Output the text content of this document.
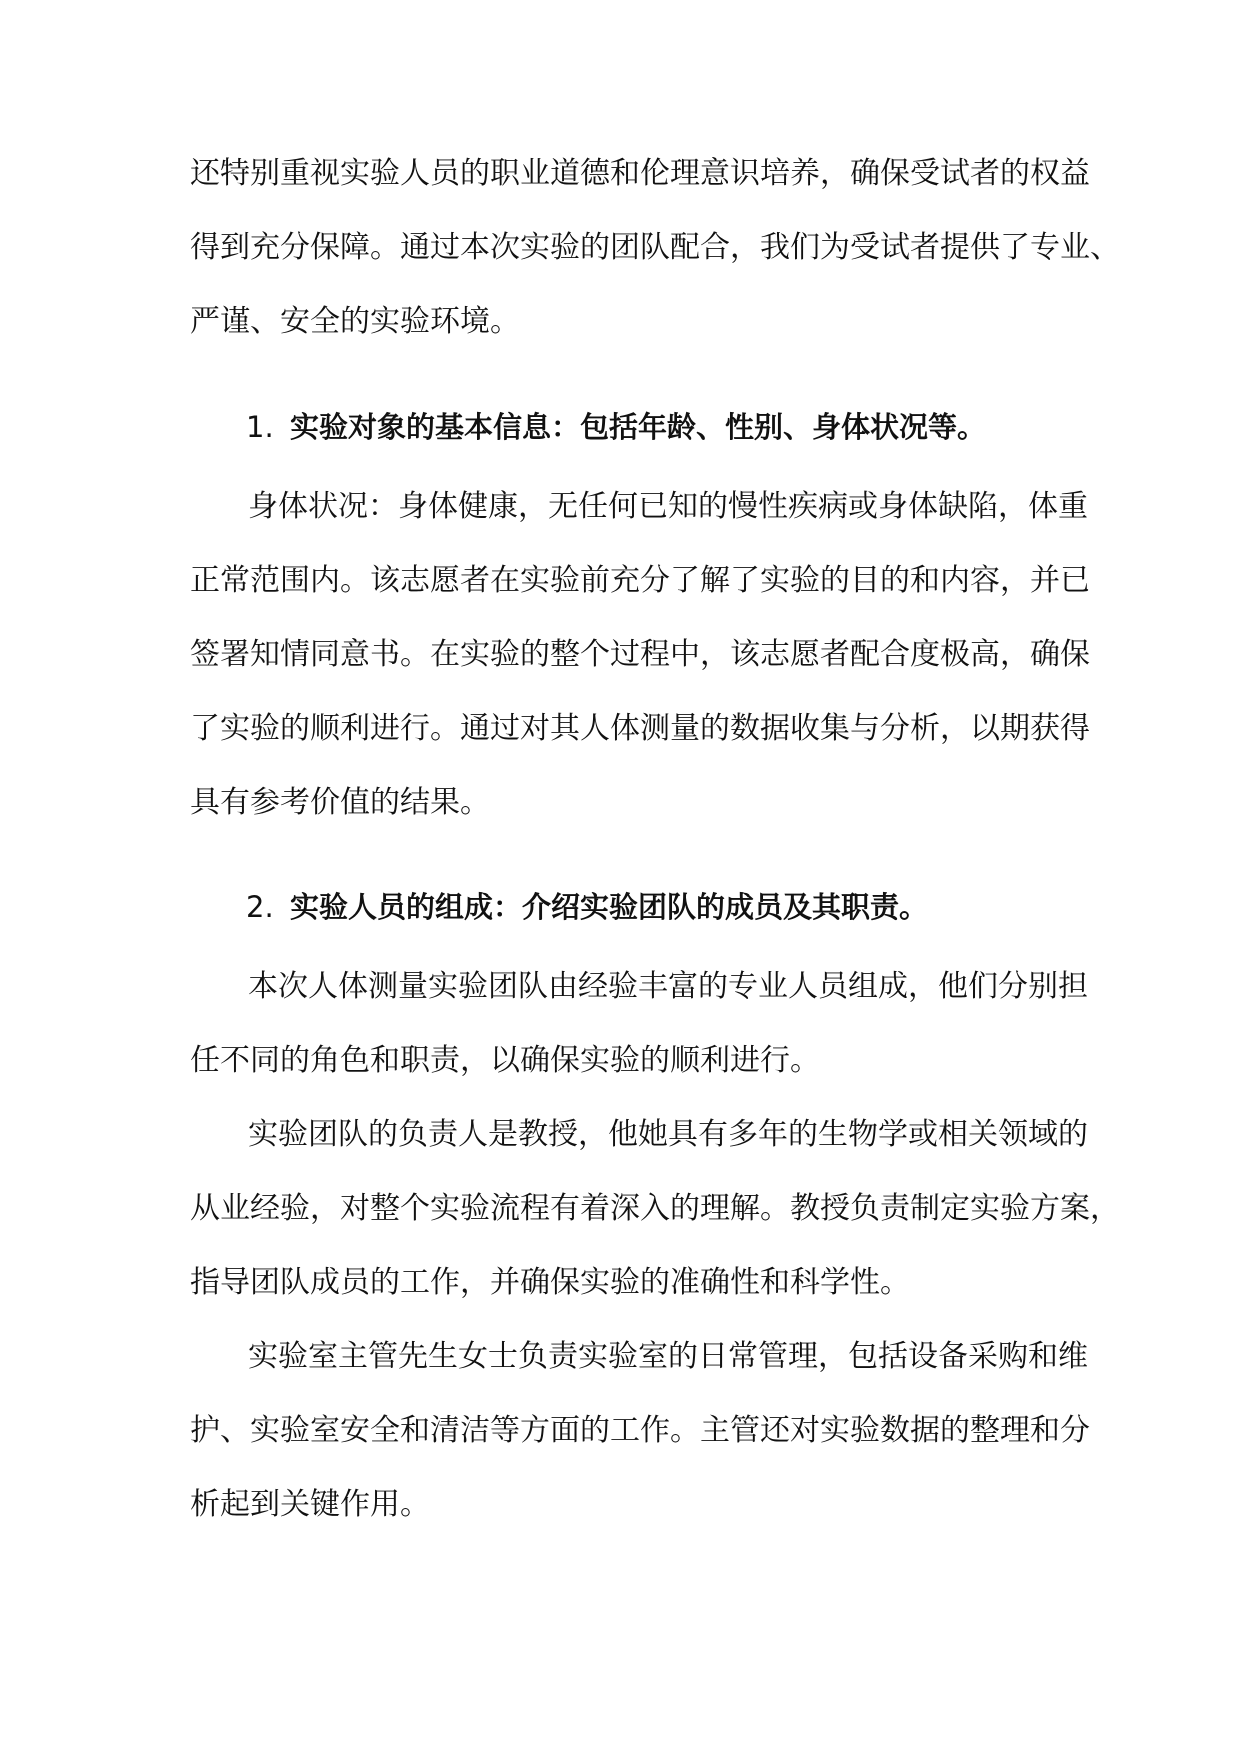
还特别重视实验人员的职业道德和伦理意识培养，确保受试者的权益

得到充分保障。通过本次实验的团队配合，我们为受试者提供了专业、

严谨、安全的实验环境。

1. 实验对象的基本信息：包括年龄、性别、身体状况等。

身体状况：身体健康，无任何已知的慢性疾病或身体缺陷，体重

正常范围内。该志愿者在实验前充分了解了实验的目的和内容，并已

签署知情同意书。在实验的整个过程中，该志愿者配合度极高，确保

了实验的顺利进行。通过对其人体测量的数据收集与分析，以期获得

具有参考价值的结果。

2. 实验人员的组成：介绍实验团队的成员及其职责。

本次人体测量实验团队由经验丰富的专业人员组成，他们分别担

任不同的角色和职责，以确保实验的顺利进行。

实验团队的负责人是教授，他她具有多年的生物学或相关领域的

从业经验，对整个实验流程有着深入的理解。教授负责制定实验方案，

指导团队成员的工作，并确保实验的准确性和科学性。

实验室主管先生女士负责实验室的日常管理，包括设备采购和维

护、实验室安全和清洁等方面的工作。主管还对实验数据的整理和分

析起到关键作用。
